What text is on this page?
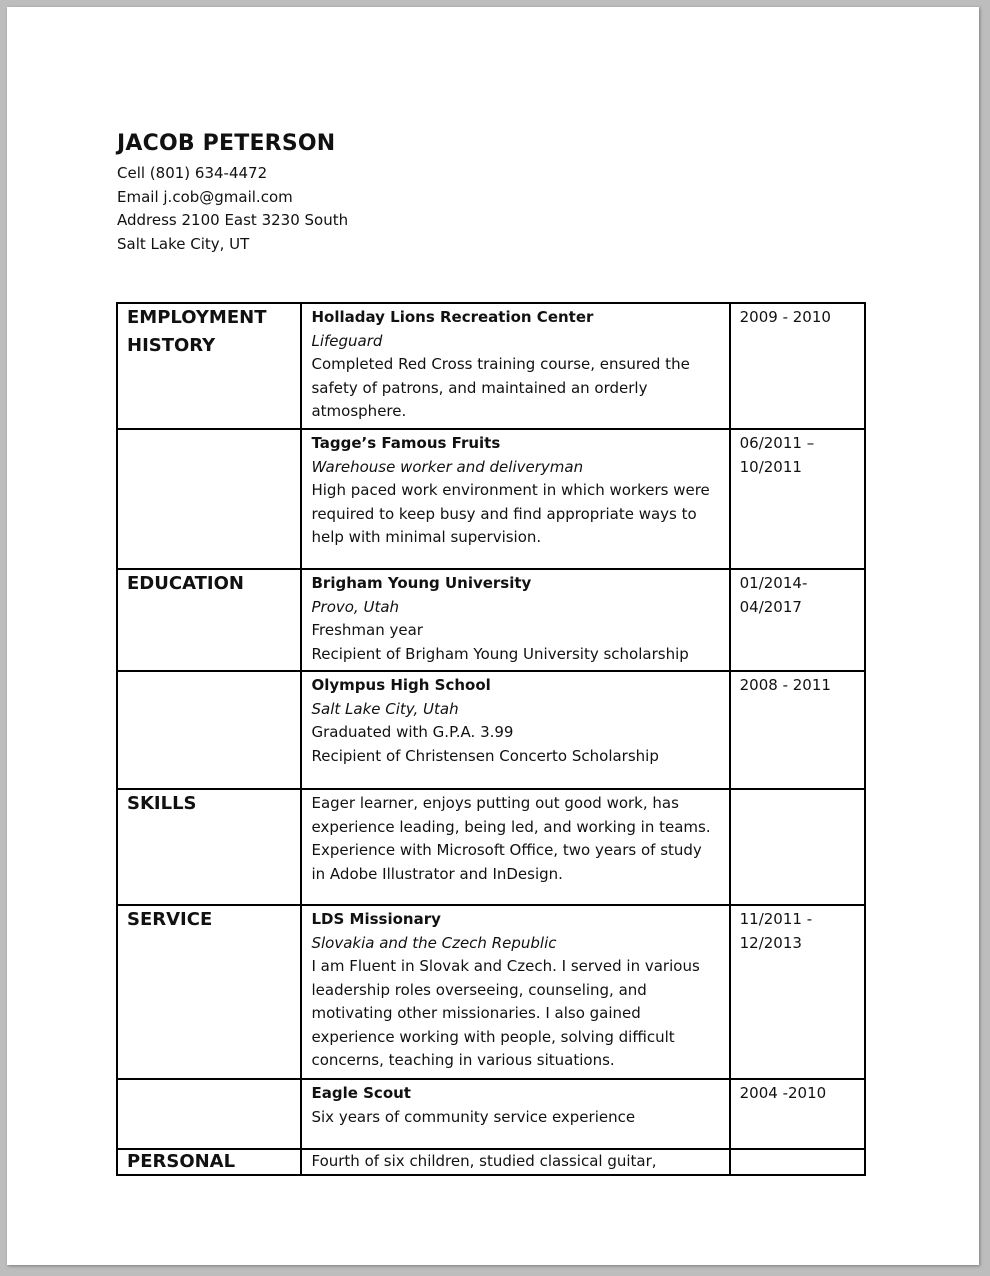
JACOB PETERSON
Cell (801) 634-4472
Email j.cob@gmail.com
Address 2100 East 3230 South
Salt Lake City, UT
EMPLOYMENT HISTORY	Holladay Lions Recreation Center
Lifeguard
Completed Red Cross training course, ensured the safety of patrons, and maintained an orderly atmosphere.	2009 - 2010

	Tagge’s Famous Fruits
Warehouse worker and deliveryman
High paced work environment in which workers were required to keep busy and find appropriate ways to help with minimal supervision.	06/2011 – 10/2011

EDUCATION	Brigham Young University
Provo, Utah
Freshman year
Recipient of Brigham Young University scholarship	01/2014-04/2017

	Olympus High School
Salt Lake City, Utah
Graduated with G.P.A. 3.99
Recipient of Christensen Concerto Scholarship	2008 - 2011

SKILLS	Eager learner, enjoys putting out good work, has experience leading, being led, and working in teams. Experience with Microsoft Office, two years of study in Adobe Illustrator and InDesign.	

SERVICE	LDS Missionary
Slovakia and the Czech Republic
I am Fluent in Slovak and Czech. I served in various leadership roles overseeing, counseling, and motivating other missionaries. I also gained experience working with people, solving difficult concerns, teaching in various situations.	11/2011 - 12/2013

	Eagle Scout
Six years of community service experience	2004 -2010

PERSONAL	Fourth of six children, studied classical guitar,	
